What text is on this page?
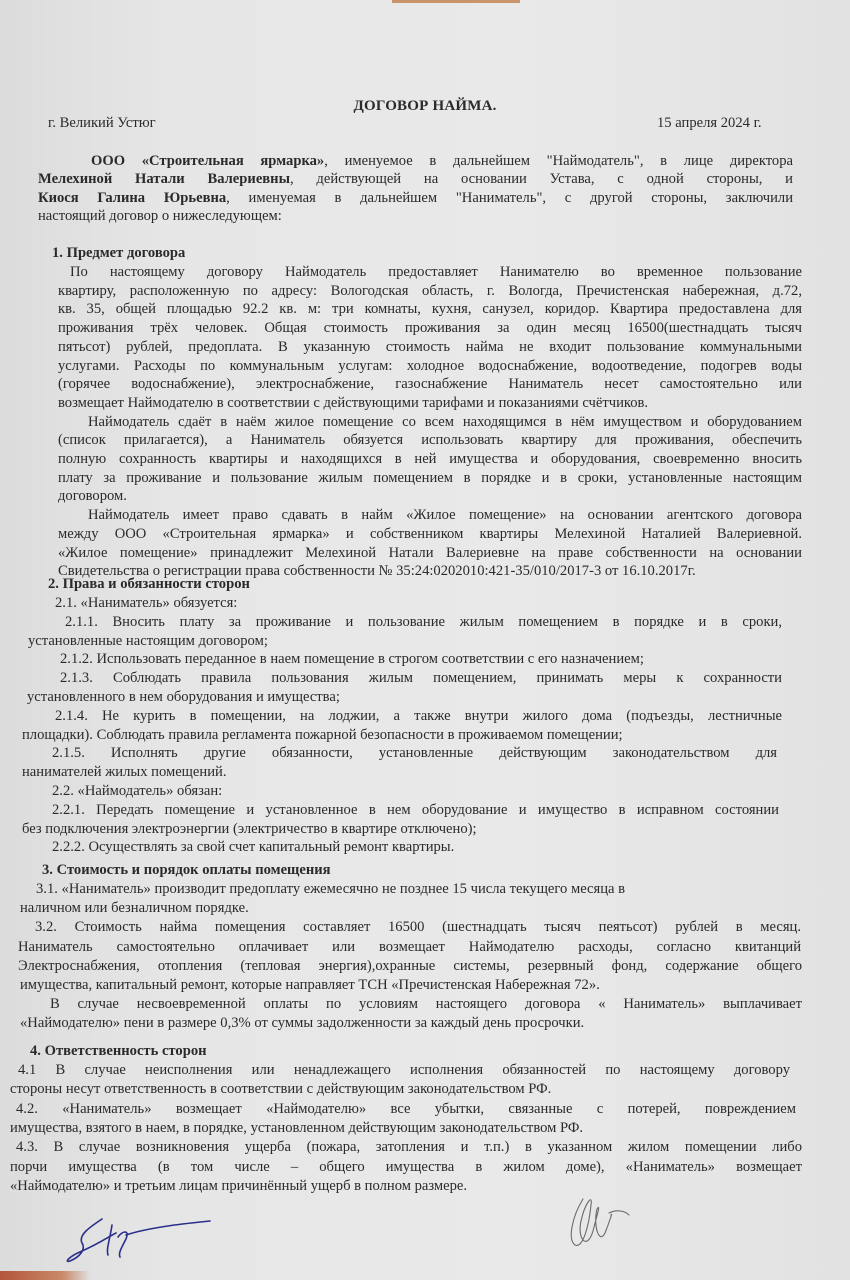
ДОГОВОР НАЙМА.
г. Великий Устюг	15 апреля 2024 г.
ООО «Строительная ярмарка», именуемое в дальнейшем "Наймодатель", в лице директора
Мелехиной Натали Валериевны, действующей на основании Устава, с одной стороны, и
Киося Галина Юрьевна, именуемая в дальнейшем "Наниматель", с другой стороны, заключили
настоящий договор о нижеследующем:
1. Предмет договора
По настоящему договору Наймодатель предоставляет Нанимателю во временное пользование
квартиру, расположенную по адресу: Вологодская область, г. Вологда, Пречистенская набережная, д.72,
кв. 35, общей площадью 92.2 кв. м: три комнаты, кухня, санузел, коридор. Квартира предоставлена для
проживания трёх человек. Общая стоимость проживания за один месяц 16500(шестнадцать тысяч
пятьсот) рублей, предоплата. В указанную стоимость найма не входит пользование коммунальными
услугами. Расходы по коммунальным услугам: холодное водоснабжение, водоотведение, подогрев воды
(горячее водоснабжение), электроснабжение, газоснабжение Наниматель несет самостоятельно или
возмещает Наймодателю в соответствии с действующими тарифами и показаниями счётчиков.
Наймодатель сдаёт в наём жилое помещение со всем находящимся в нём имуществом и оборудованием
(список прилагается), а Наниматель обязуется использовать квартиру для проживания, обеспечить
полную сохранность квартиры и находящихся в ней имущества и оборудования, своевременно вносить
плату за проживание и пользование жилым помещением в порядке и в сроки, установленные настоящим
договором.
Наймодатель имеет право сдавать в найм «Жилое помещение» на основании агентского договора
между ООО «Строительная ярмарка» и собственником квартиры Мелехиной Наталией Валериевной.
«Жилое помещение» принадлежит Мелехиной Натали Валериевне на праве собственности на основании
Свидетельства о регистрации права собственности № 35:24:0202010:421-35/010/2017-3 от 16.10.2017г.
2. Права и обязанности сторон
2.1. «Наниматель» обязуется:
2.1.1. Вносить плату за проживание и пользование жилым помещением в порядке и в сроки,
установленные настоящим договором;
2.1.2. Использовать переданное в наем помещение в строгом соответствии с его назначением;
2.1.3. Соблюдать правила пользования жилым помещением, принимать меры к сохранности
установленного в нем оборудования и имущества;
2.1.4. Не курить в помещении, на лоджии, а также внутри жилого дома (подъезды, лестничные
площадки). Соблюдать правила регламента пожарной безопасности в проживаемом помещении;
2.1.5. Исполнять другие обязанности, установленные действующим законодательством для
нанимателей жилых помещений.
2.2. «Наймодатель» обязан:
2.2.1. Передать помещение и установленное в нем оборудование и имущество в исправном состоянии
без подключения электроэнергии (электричество в квартире отключено);
2.2.2. Осуществлять за свой счет капитальный ремонт квартиры.
3. Стоимость и порядок оплаты помещения
3.1. «Наниматель» производит предоплату ежемесячно не позднее 15 числа текущего месяца в
наличном или безналичном порядке.
3.2. Стоимость найма помещения составляет 16500 (шестнадцать тысяч пеятьсот) рублей в месяц.
Наниматель самостоятельно оплачивает или возмещает Наймодателю расходы, согласно квитанций
Электроснабжения, отопления (тепловая энергия),охранные системы, резервный фонд, содержание общего
имущества, капитальный ремонт, которые направляет ТСН «Пречистенская Набережная 72».
В случае несвоевременной оплаты по условиям настоящего договора « Наниматель» выплачивает
«Наймодателю» пени в размере 0,3% от суммы задолженности за каждый день просрочки.
4. Ответственность сторон
4.1 В случае неисполнения или ненадлежащего исполнения обязанностей по настоящему договору
стороны несут ответственность в соответствии с действующим законодательством РФ.
4.2. «Наниматель» возмещает «Наймодателю» все убытки, связанные с потерей, повреждением
имущества, взятого в наем, в порядке, установленном действующим законодательством РФ.
4.3. В случае возникновения ущерба (пожара, затопления и т.п.) в указанном жилом помещении либо
порчи имущества (в том числе – общего имущества в жилом доме), «Наниматель» возмещает
«Наймодателю» и третьим лицам причинённый ущерб в полном размере.
